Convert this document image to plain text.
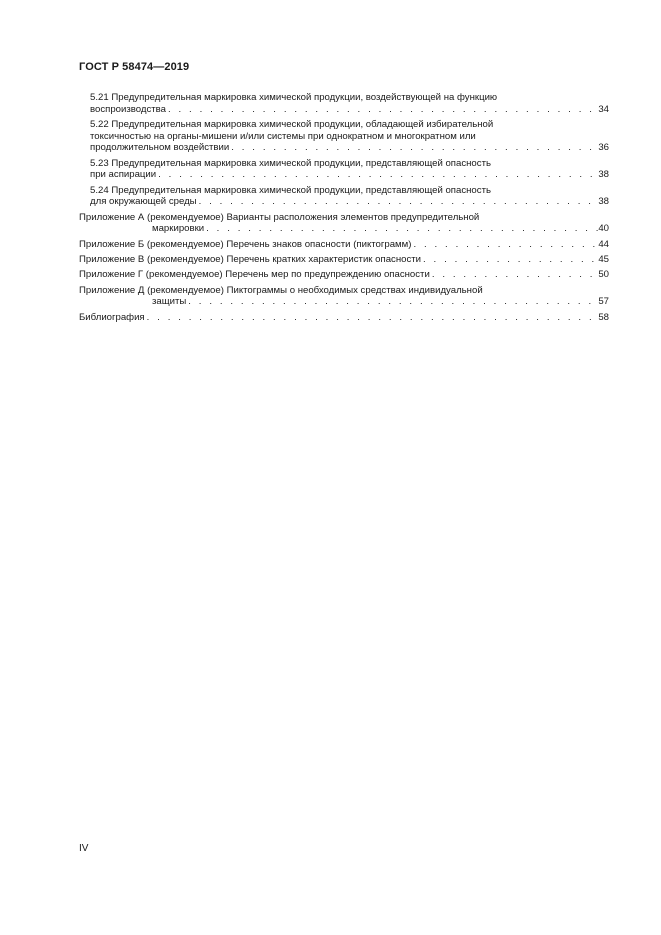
ГОСТ Р 58474—2019
5.21 Предупредительная маркировка химической продукции, воздействующей на функцию
воспроизводства . . .	34
5.22 Предупредительная маркировка химической продукции, обладающей избирательной
токсичностью на органы-мишени и/или системы при однократном и многократном или
продолжительном воздействии . . .	36
5.23 Предупредительная маркировка химической продукции, представляющей опасность
при аспирации . . .	38
5.24 Предупредительная маркировка химической продукции, представляющей опасность
для окружающей среды . . .	38
Приложение А (рекомендуемое) Варианты расположения элементов предупредительной
маркировки . . .	40
Приложение Б (рекомендуемое) Перечень знаков опасности (пиктограмм) . . .	44
Приложение В (рекомендуемое) Перечень кратких характеристик опасности . . .	45
Приложение Г (рекомендуемое) Перечень мер по предупреждению опасности . . .	50
Приложение Д (рекомендуемое) Пиктограммы о необходимых средствах индивидуальной
защиты . . .	57
Библиография . . .	58
IV
